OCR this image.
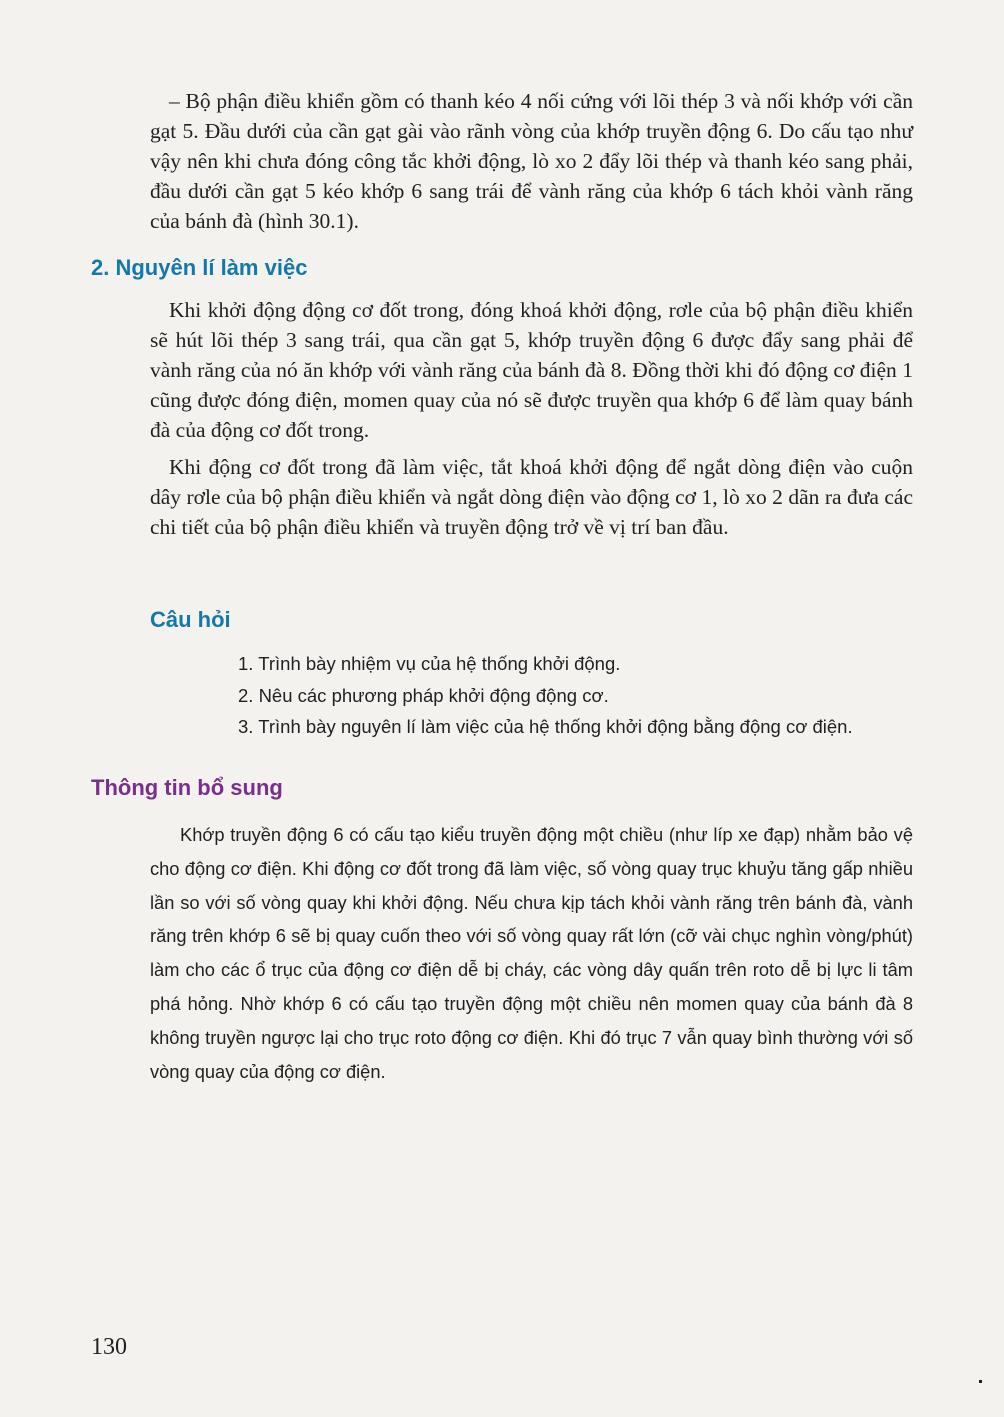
– Bộ phận điều khiển gồm có thanh kéo 4 nối cứng với lõi thép 3 và nối khớp với cần gạt 5. Đầu dưới của cần gạt gài vào rãnh vòng của khớp truyền động 6. Do cấu tạo như vậy nên khi chưa đóng công tắc khởi động, lò xo 2 đẩy lõi thép và thanh kéo sang phải, đầu dưới cần gạt 5 kéo khớp 6 sang trái để vành răng của khớp 6 tách khỏi vành răng của bánh đà (hình 30.1).

2. Nguyên lí làm việc

Khi khởi động động cơ đốt trong, đóng khoá khởi động, rơle của bộ phận điều khiển sẽ hút lõi thép 3 sang trái, qua cần gạt 5, khớp truyền động 6 được đẩy sang phải để vành răng của nó ăn khớp với vành răng của bánh đà 8. Đồng thời khi đó động cơ điện 1 cũng được đóng điện, momen quay của nó sẽ được truyền qua khớp 6 để làm quay bánh đà của động cơ đốt trong.

Khi động cơ đốt trong đã làm việc, tắt khoá khởi động để ngắt dòng điện vào cuộn dây rơle của bộ phận điều khiển và ngắt dòng điện vào động cơ 1, lò xo 2 dãn ra đưa các chi tiết của bộ phận điều khiển và truyền động trở về vị trí ban đầu.

Câu hỏi
1. Trình bày nhiệm vụ của hệ thống khởi động.
2. Nêu các phương pháp khởi động động cơ.
3. Trình bày nguyên lí làm việc của hệ thống khởi động bằng động cơ điện.
Thông tin bổ sung

Khớp truyền động 6 có cấu tạo kiểu truyền động một chiều (như líp xe đạp) nhằm bảo vệ cho động cơ điện. Khi động cơ đốt trong đã làm việc, số vòng quay trục khuỷu tăng gấp nhiều lần so với số vòng quay khi khởi động. Nếu chưa kịp tách khỏi vành răng trên bánh đà, vành răng trên khớp 6 sẽ bị quay cuốn theo với số vòng quay rất lớn (cỡ vài chục nghìn vòng/phút) làm cho các ổ trục của động cơ điện dễ bị cháy, các vòng dây quấn trên roto dễ bị lực li tâm phá hỏng. Nhờ khớp 6 có cấu tạo truyền động một chiều nên momen quay của bánh đà 8 không truyền ngược lại cho trục roto động cơ điện. Khi đó trục 7 vẫn quay bình thường với số vòng quay của động cơ điện.

130
